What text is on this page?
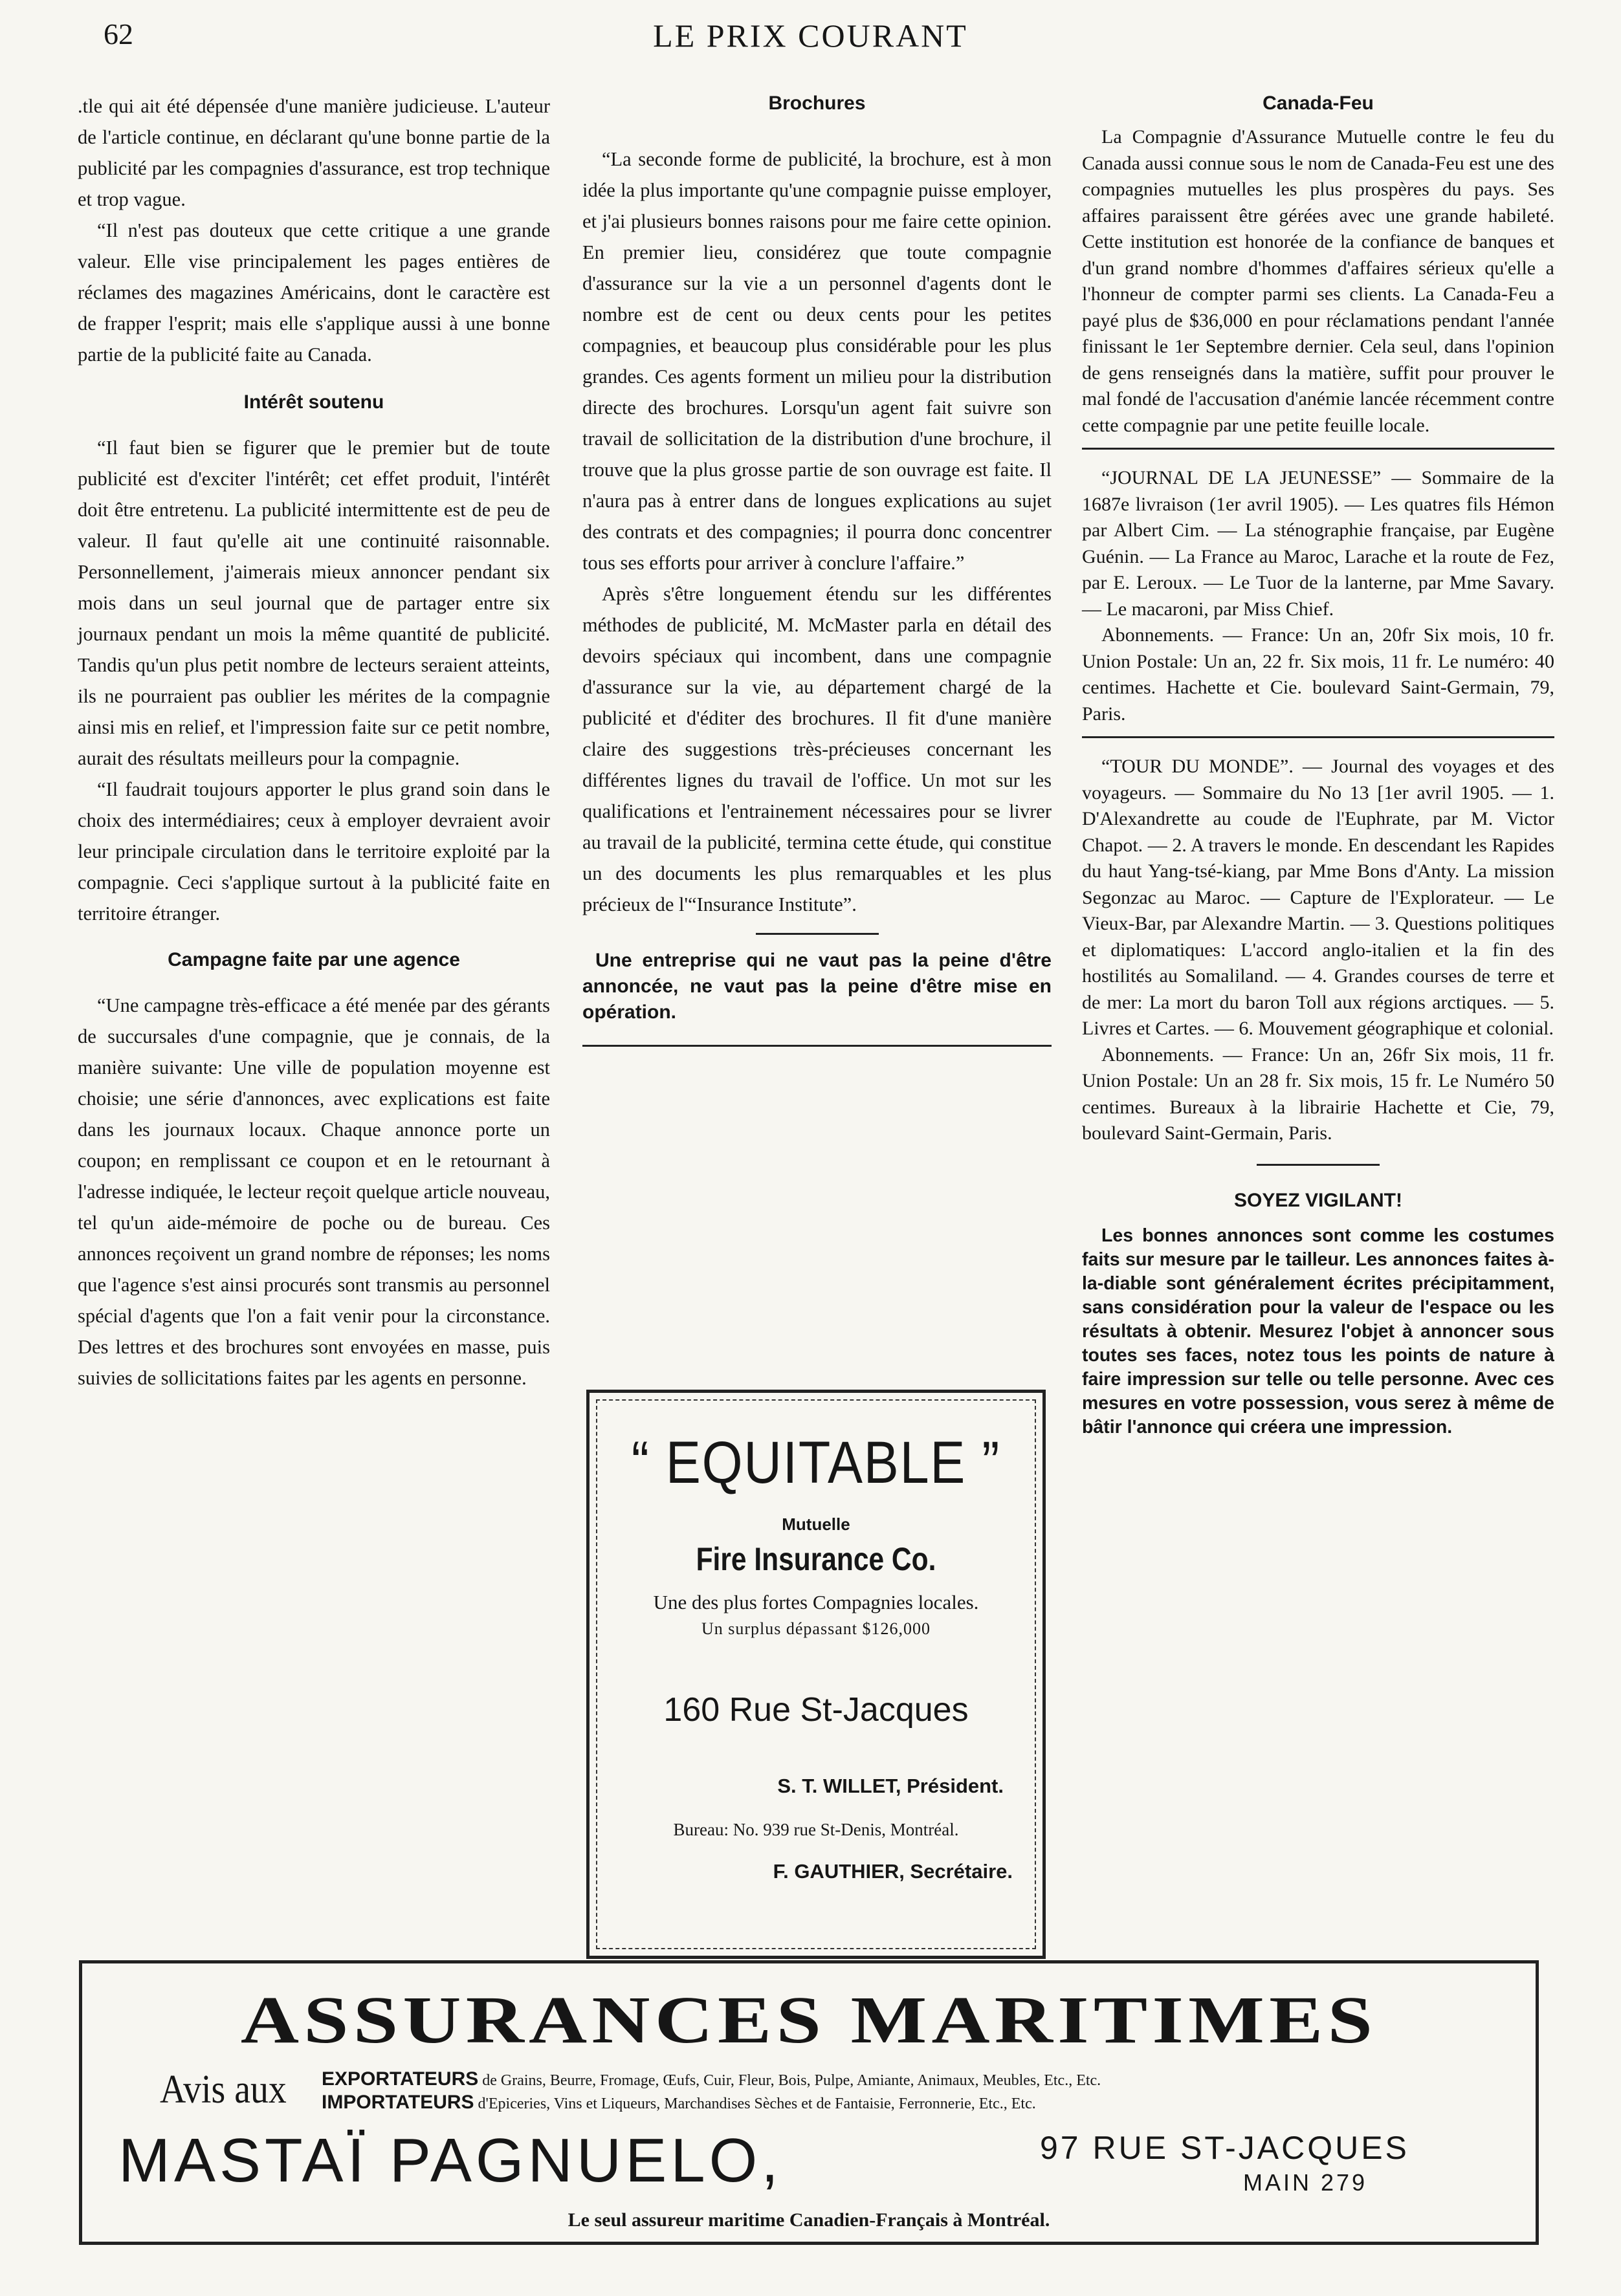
62	LE PRIX COURANT

.tle qui ait été dépensée d'une manière judicieuse. L'auteur de l'article continue, en déclarant qu'une bonne partie de la publicité par les compagnies d'assurance, est trop technique et trop vague.

“Il n'est pas douteux que cette critique a une grande valeur. Elle vise principalement les pages entières de réclames des magazines Américains, dont le caractère est de frapper l'esprit; mais elle s'applique aussi à une bonne partie de la publicité faite au Canada.

Intérêt soutenu

“Il faut bien se figurer que le premier but de toute publicité est d'exciter l'intérêt; cet effet produit, l'intérêt doit être entretenu. La publicité intermittente est de peu de valeur. Il faut qu'elle ait une continuité raisonnable. Personnellement, j'aimerais mieux annoncer pendant six mois dans un seul journal que de partager entre six journaux pendant un mois la même quantité de publicité. Tandis qu'un plus petit nombre de lecteurs seraient atteints, ils ne pourraient pas oublier les mérites de la compagnie ainsi mis en relief, et l'impression faite sur ce petit nombre, aurait des résultats meilleurs pour la compagnie.

“Il faudrait toujours apporter le plus grand soin dans le choix des intermédiaires; ceux à employer devraient avoir leur principale circulation dans le territoire exploité par la compagnie. Ceci s'applique surtout à la publicité faite en territoire étranger.

Campagne faite par une agence

“Une campagne très-efficace a été menée par des gérants de succursales d'une compagnie, que je connais, de la manière suivante: Une ville de population moyenne est choisie; une série d'annonces, avec explications est faite dans les journaux locaux. Chaque annonce porte un coupon; en remplissant ce coupon et en le retournant à l'adresse indiquée, le lecteur reçoit quelque article nouveau, tel qu'un aide-mémoire de poche ou de bureau. Ces annonces reçoivent un grand nombre de réponses; les noms que l'agence s'est ainsi procurés sont transmis au personnel spécial d'agents que l'on a fait venir pour la circonstance. Des lettres et des brochures sont envoyées en masse, puis suivies de sollicitations faites par les agents en personne.

Brochures

“La seconde forme de publicité, la brochure, est à mon idée la plus importante qu'une compagnie puisse employer, et j'ai plusieurs bonnes raisons pour me faire cette opinion. En premier lieu, considérez que toute compagnie d'assurance sur la vie a un personnel d'agents dont le nombre est de cent ou deux cents pour les petites compagnies, et beaucoup plus considérable pour les plus grandes. Ces agents forment un milieu pour la distribution directe des brochures. Lorsqu'un agent fait suivre son travail de sollicitation de la distribution d'une brochure, il trouve que la plus grosse partie de son ouvrage est faite. Il n'aura pas à entrer dans de longues explications au sujet des contrats et des compagnies; il pourra donc concentrer tous ses efforts pour arriver à conclure l'affaire.”

Après s'être longuement étendu sur les différentes méthodes de publicité, M. McMaster parla en détail des devoirs spéciaux qui incombent, dans une compagnie d'assurance sur la vie, au département chargé de la publicité et d'éditer des brochures. Il fit d'une manière claire des suggestions très-précieuses concernant les différentes lignes du travail de l'office. Un mot sur les qualifications et l'entrainement nécessaires pour se livrer au travail de la publicité, termina cette étude, qui constitue un des documents les plus remarquables et les plus précieux de l'“Insurance Institute”.

Une entreprise qui ne vaut pas la peine d'être annoncée, ne vaut pas la peine d'être mise en opération.
“ EQUITABLE ”
Mutuelle
Fire Insurance Co.
Une des plus fortes Compagnies locales.
Un surplus dépassant $126,000
160 Rue St-Jacques
S. T. WILLET, Président.
Bureau: No. 939 rue St-Denis, Montréal.
F. GAUTHIER, Secrétaire.
Canada-Feu

La Compagnie d'Assurance Mutuelle contre le feu du Canada aussi connue sous le nom de Canada-Feu est une des compagnies mutuelles les plus prospères du pays. Ses affaires paraissent être gérées avec une grande habileté. Cette institution est honorée de la confiance de banques et d'un grand nombre d'hommes d'affaires sérieux qu'elle a l'honneur de compter parmi ses clients. La Canada-Feu a payé plus de $36,000 en pour réclamations pendant l'année finissant le 1er Septembre dernier. Cela seul, dans l'opinion de gens renseignés dans la matière, suffit pour prouver le mal fondé de l'accusation d'anémie lancée récemment contre cette compagnie par une petite feuille locale.

“JOURNAL DE LA JEUNESSE” — Sommaire de la 1687e livraison (1er avril 1905). — Les quatres fils Hémon par Albert Cim. — La sténographie française, par Eugène Guénin. — La France au Maroc, Larache et la route de Fez, par E. Leroux. — Le Tuor de la lanterne, par Mme Savary. — Le macaroni, par Miss Chief.

Abonnements. — France: Un an, 20fr Six mois, 10 fr. Union Postale: Un an, 22 fr. Six mois, 11 fr. Le numéro: 40 centimes. Hachette et Cie. boulevard Saint-Germain, 79, Paris.

“TOUR DU MONDE”. — Journal des voyages et des voyageurs. — Sommaire du No 13 [1er avril 1905. — 1. D'Alexandrette au coude de l'Euphrate, par M. Victor Chapot. — 2. A travers le monde. En descendant les Rapides du haut Yang-tsé-kiang, par Mme Bons d'Anty. La mission Segonzac au Maroc. — Capture de l'Explorateur. — Le Vieux-Bar, par Alexandre Martin. — 3. Questions politiques et diplomatiques: L'accord anglo-italien et la fin des hostilités au Somaliland. — 4. Grandes courses de terre et de mer: La mort du baron Toll aux régions arctiques. — 5. Livres et Cartes. — 6. Mouvement géographique et colonial.

Abonnements. — France: Un an, 26fr Six mois, 11 fr. Union Postale: Un an 28 fr. Six mois, 15 fr. Le Numéro 50 centimes. Bureaux à la librairie Hachette et Cie, 79, boulevard Saint-Germain, Paris.

SOYEZ VIGILANT!
Les bonnes annonces sont comme les costumes faits sur mesure par le tailleur. Les annonces faites à-la-diable sont généralement écrites précipitamment, sans considération pour la valeur de l'espace ou les résultats à obtenir. Mesurez l'objet à annoncer sous toutes ses faces, notez tous les points de nature à faire impression sur telle ou telle personne. Avec ces mesures en votre possession, vous serez à même de bâtir l'annonce qui créera une impression.
ASSURANCES MARITIMES
Avis aux EXPORTATEURS de Grains, Beurre, Fromage, Œufs, Cuir, Fleur, Bois, Pulpe, Amiante, Animaux, Meubles, Etc., Etc.
IMPORTATEURS d'Epiceries, Vins et Liqueurs, Marchandises Sèches et de Fantaisie, Ferronnerie, Etc., Etc.
MASTAÏ PAGNUELO,	97 RUE ST-JACQUES
MAIN 279
Le seul assureur maritime Canadien-Français à Montréal.
